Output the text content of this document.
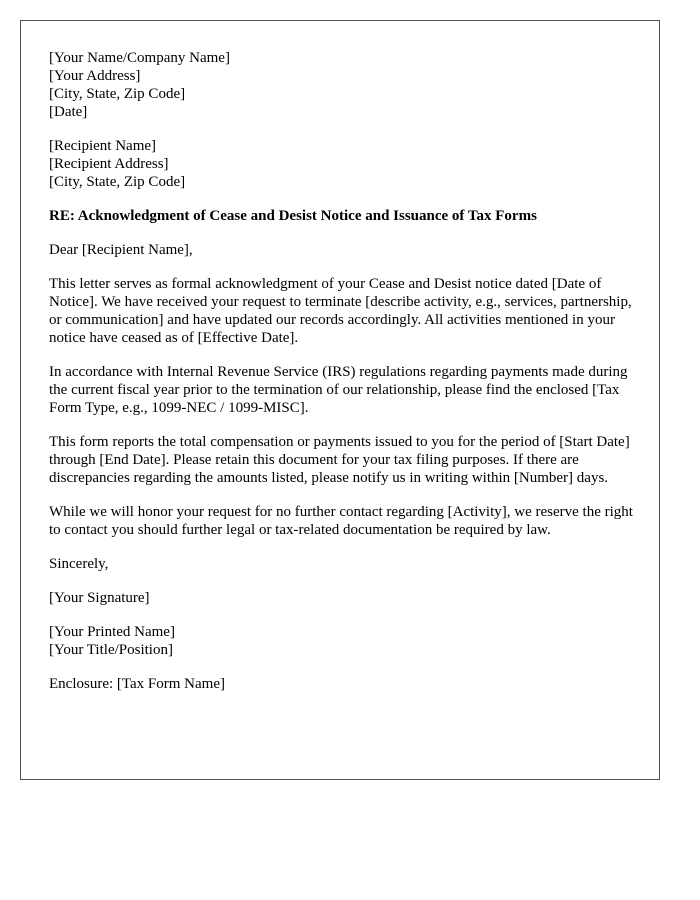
[Your Name/Company Name]
[Your Address]
[City, State, Zip Code]
[Date]
[Recipient Name]
[Recipient Address]
[City, State, Zip Code]

RE: Acknowledgment of Cease and Desist Notice and Issuance of Tax Forms

Dear [Recipient Name],

This letter serves as formal acknowledgment of your Cease and Desist notice dated [Date of Notice]. We have received your request to terminate [describe activity, e.g., services, partnership, or communication] and have updated our records accordingly. All activities mentioned in your notice have ceased as of [Effective Date].

In accordance with Internal Revenue Service (IRS) regulations regarding payments made during the current fiscal year prior to the termination of our relationship, please find the enclosed [Tax Form Type, e.g., 1099-NEC / 1099-MISC].

This form reports the total compensation or payments issued to you for the period of [Start Date] through [End Date]. Please retain this document for your tax filing purposes. If there are discrepancies regarding the amounts listed, please notify us in writing within [Number] days.

While we will honor your request for no further contact regarding [Activity], we reserve the right to contact you should further legal or tax-related documentation be required by law.

Sincerely,

[Your Signature]

[Your Printed Name]
[Your Title/Position]

Enclosure: [Tax Form Name]
